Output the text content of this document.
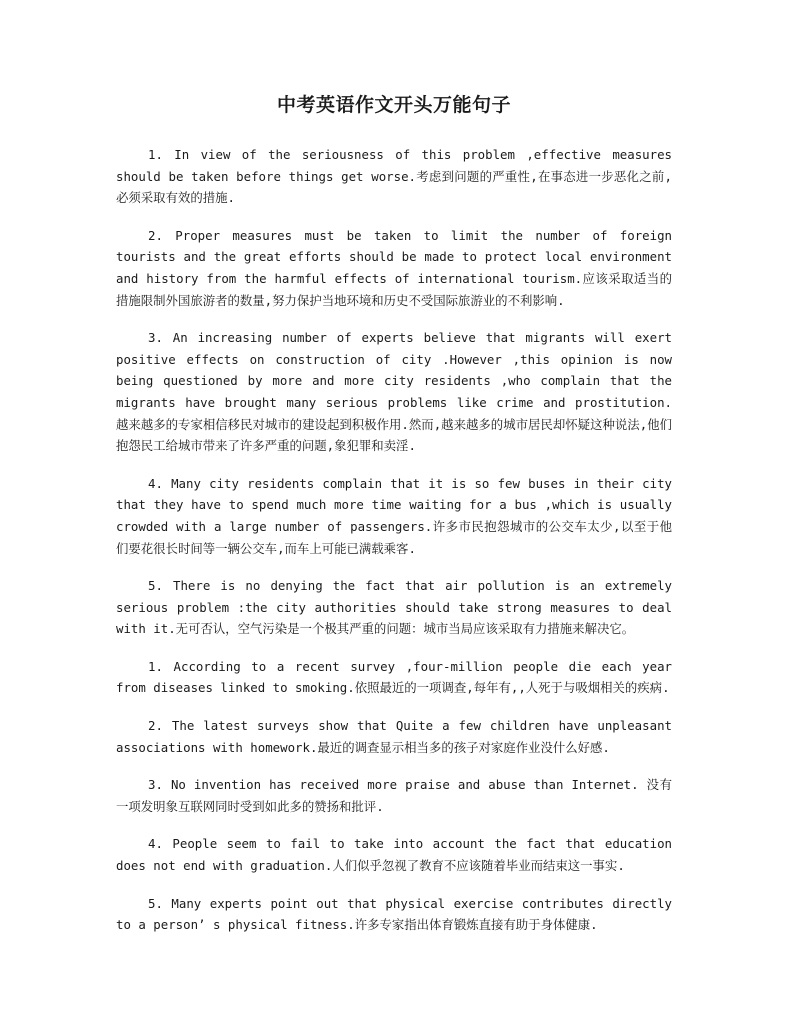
中考英语作文开头万能句子

1. In view of the seriousness of this problem ,effective measures should be taken before things get worse.考虑到问题的严重性,在事态进一步恶化之前,必须采取有效的措施.

2. Proper measures must be taken to limit the number of foreign tourists and the great efforts should be made to protect local environment and history from the harmful effects of international tourism.应该采取适当的措施限制外国旅游者的数量,努力保护当地环境和历史不受国际旅游业的不利影响.

3. An increasing number of experts believe that migrants will exert positive effects on construction of city .However ,this opinion is now being questioned by more and more city residents ,who complain that the migrants have brought many serious problems like crime and prostitution. 越来越多的专家相信移民对城市的建设起到积极作用.然而,越来越多的城市居民却怀疑这种说法,他们抱怨民工给城市带来了许多严重的问题,象犯罪和卖淫.

4. Many city residents complain that it is so few buses in their city that they have to spend much more time waiting for a bus ,which is usually crowded with a large number of passengers.许多市民抱怨城市的公交车太少,以至于他们要花很长时间等一辆公交车,而车上可能已满载乘客.

5. There is no denying the fact that air pollution is an extremely serious problem :the city authorities should take strong measures to deal with it.无可否认，空气污染是一个极其严重的问题：城市当局应该采取有力措施来解决它。

1. According to a recent survey ,four-million people die each year from diseases linked to smoking.依照最近的一项调查,每年有,,人死于与吸烟相关的疾病.

2. The latest surveys show that Quite a few children have unpleasant associations with homework.最近的调查显示相当多的孩子对家庭作业没什么好感.

3. No invention has received more praise and abuse than Internet. 没有一项发明象互联网同时受到如此多的赞扬和批评.

4. People seem to fail to take into account the fact that education does not end with graduation.人们似乎忽视了教育不应该随着毕业而结束这一事实.

5. Many experts point out that physical exercise contributes directly to a person’ s physical fitness.许多专家指出体育锻炼直接有助于身体健康.
